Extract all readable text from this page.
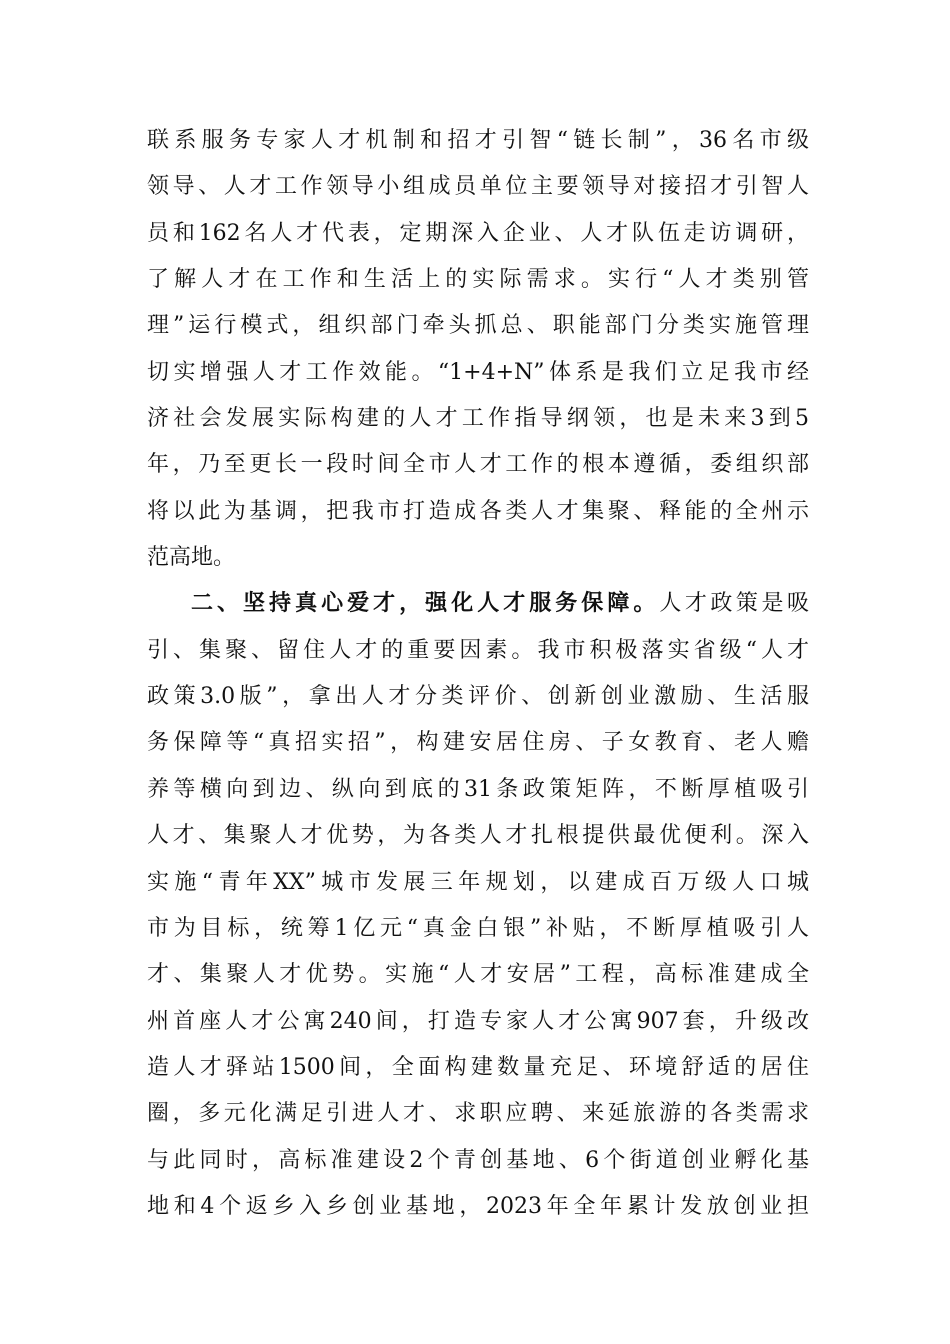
联系服务专家人才机制和招才引智“链长制”，36名市级
领导、人才工作领导小组成员单位主要领导对接招才引智人
员和162名人才代表，定期深入企业、人才队伍走访调研，
了解人才在工作和生活上的实际需求。实行“人才类别管
理”运行模式，组织部门牵头抓总、职能部门分类实施管理
切实增强人才工作效能。“1+4+N”体系是我们立足我市经
济社会发展实际构建的人才工作指导纲领，也是未来3到5
年，乃至更长一段时间全市人才工作的根本遵循，委组织部
将以此为基调，把我市打造成各类人才集聚、释能的全州示
范高地。
二、坚持真心爱才，强化人才服务保障。人才政策是吸
引、集聚、留住人才的重要因素。我市积极落实省级“人才
政策3.0版”，拿出人才分类评价、创新创业激励、生活服
务保障等“真招实招”，构建安居住房、子女教育、老人赡
养等横向到边、纵向到底的31条政策矩阵，不断厚植吸引
人才、集聚人才优势，为各类人才扎根提供最优便利。深入
实施“青年XX”城市发展三年规划，以建成百万级人口城
市为目标，统筹1亿元“真金白银”补贴，不断厚植吸引人
才、集聚人才优势。实施“人才安居”工程，高标准建成全
州首座人才公寓240间，打造专家人才公寓907套，升级改
造人才驿站1500间，全面构建数量充足、环境舒适的居住
圈，多元化满足引进人才、求职应聘、来延旅游的各类需求
与此同时，高标准建设2个青创基地、6个街道创业孵化基
地和4个返乡入乡创业基地，2023年全年累计发放创业担
